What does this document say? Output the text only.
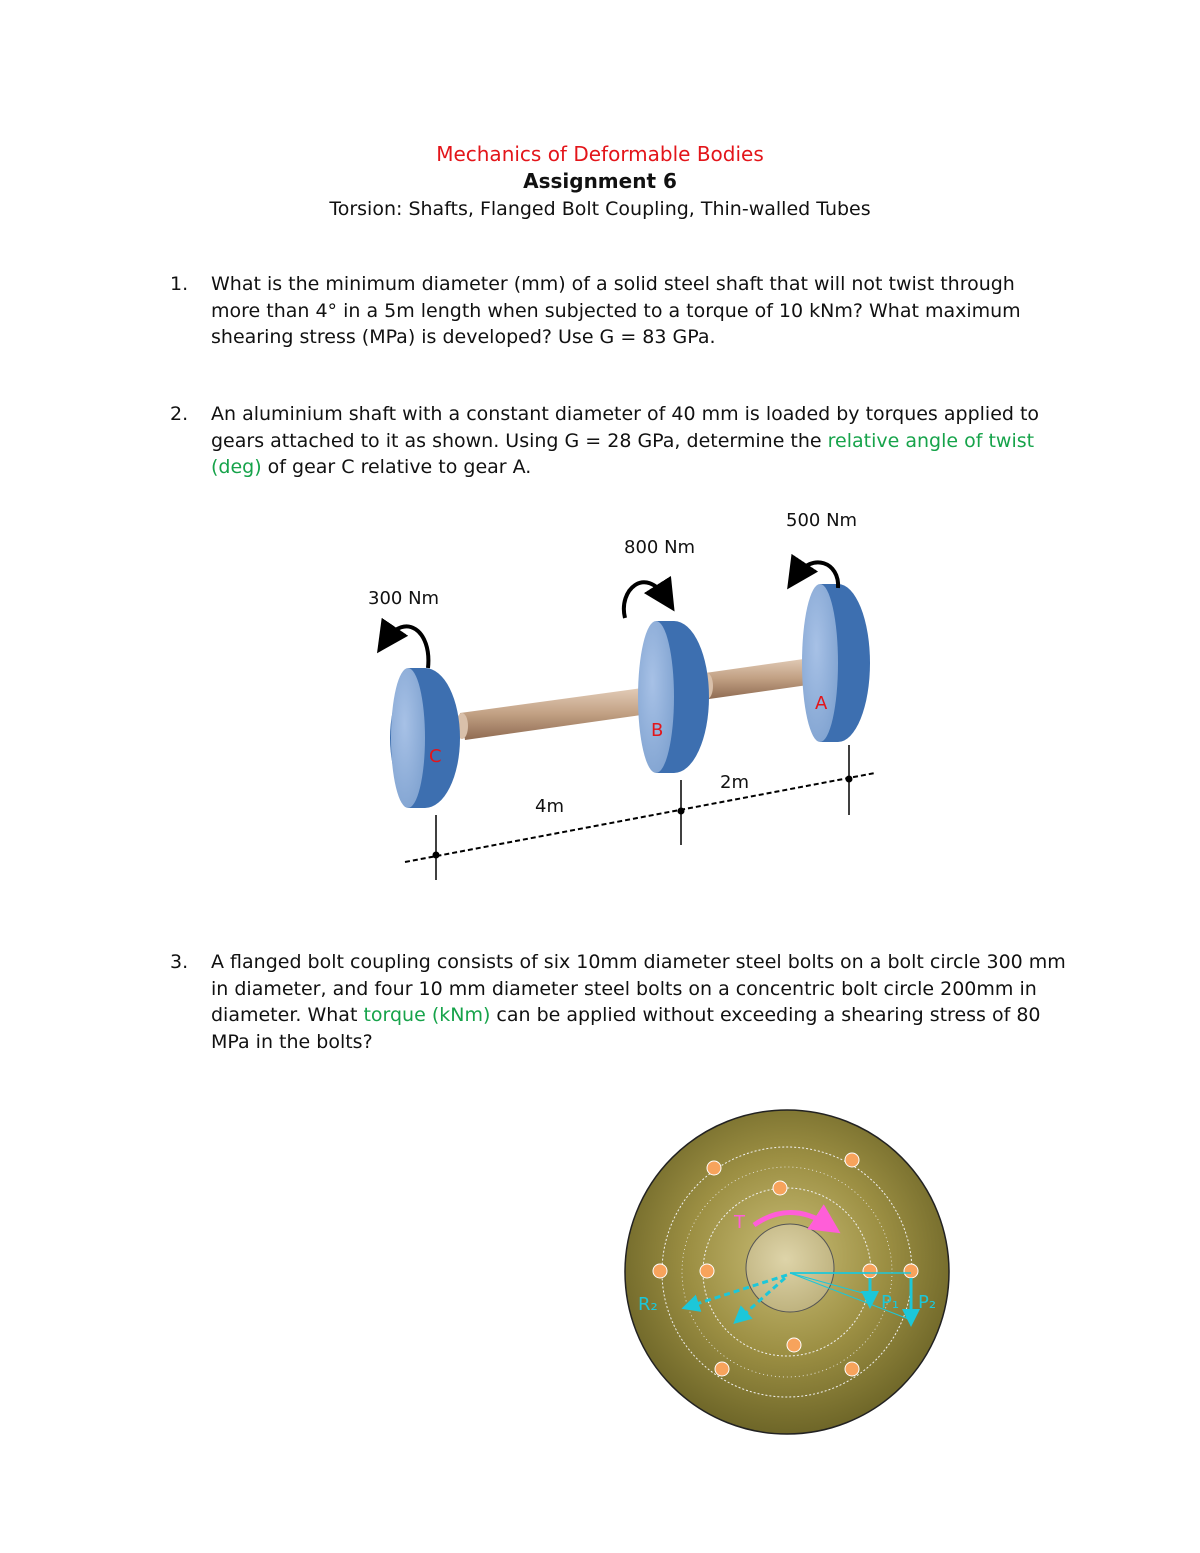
Mechanics of Deformable Bodies
Assignment 6
Torsion: Shafts, Flanged Bolt Coupling, Thin-walled Tubes
1.	What is the minimum diameter (mm) of a solid steel shaft that will not twist through more than 4° in a 5m length when subjected to a torque of 10 kNm? What maximum shearing stress (MPa) is developed? Use G = 83 GPa.
2.	An aluminium shaft with a constant diameter of 40 mm is loaded by torques applied to gears attached to it as shown. Using G = 28 GPa, determine the relative angle of twist (deg) of gear C relative to gear A.
4m
2m
C
B
A
300 Nm
800 Nm
500 Nm
3.	A flanged bolt coupling consists of six 10mm diameter steel bolts on a bolt circle 300 mm in diameter, and four 10 mm diameter steel bolts on a concentric bolt circle 200mm in diameter. What torque (kNm) can be applied without exceeding a shearing stress of 80 MPa in the bolts?
T
R₂	P₁ P₂
